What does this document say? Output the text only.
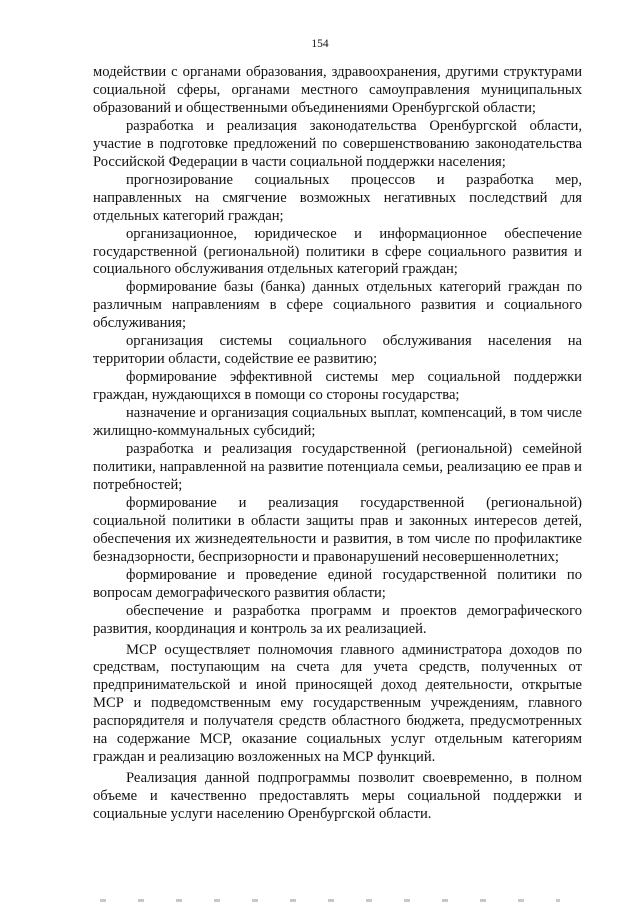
154

модействии с органами образования, здравоохранения, другими структурами социальной сферы, органами местного самоуправления муниципальных образований и общественными объединениями Оренбургской области;

разработка и реализация законодательства Оренбургской области, участие в подготовке предложений по совершенствованию законодательства Российской Федерации в части социальной поддержки населения;

прогнозирование социальных процессов и разработка мер, направленных на смягчение возможных негативных последствий для отдельных категорий граждан;

организационное, юридическое и информационное обеспечение государственной (региональной) политики в сфере социального развития и социального обслуживания отдельных категорий граждан;

формирование базы (банка) данных отдельных категорий граждан по различным направлениям в сфере социального развития и социального обслуживания;

организация системы социального обслуживания населения на территории области, содействие ее развитию;

формирование эффективной системы мер социальной поддержки граждан, нуждающихся в помощи со стороны государства;

назначение и организация социальных выплат, компенсаций, в том числе жилищно-коммунальных субсидий;

разработка и реализация государственной (региональной) семейной политики, направленной на развитие потенциала семьи, реализацию ее прав и потребностей;

формирование и реализация государственной (региональной) социальной политики в области защиты прав и законных интересов детей, обеспечения их жизнедеятельности и развития, в том числе по профилактике безнадзорности, беспризорности и правонарушений несовершеннолетних;

формирование и проведение единой государственной политики по вопросам демографического развития области;

обеспечение и разработка программ и проектов демографического развития, координация и контроль за их реализацией.

МСР осуществляет полномочия главного администратора доходов по средствам, поступающим на счета для учета средств, полученных от предпринимательской и иной приносящей доход деятельности, открытые МСР и подведомственным ему государственным учреждениям, главного распорядителя и получателя средств областного бюджета, предусмотренных на содержание МСР, оказание социальных услуг отдельным категориям граждан и реализацию возложенных на МСР функций.

Реализация данной подпрограммы позволит своевременно, в полном объеме и качественно предоставлять меры социальной поддержки и социальные услуги населению Оренбургской области.
